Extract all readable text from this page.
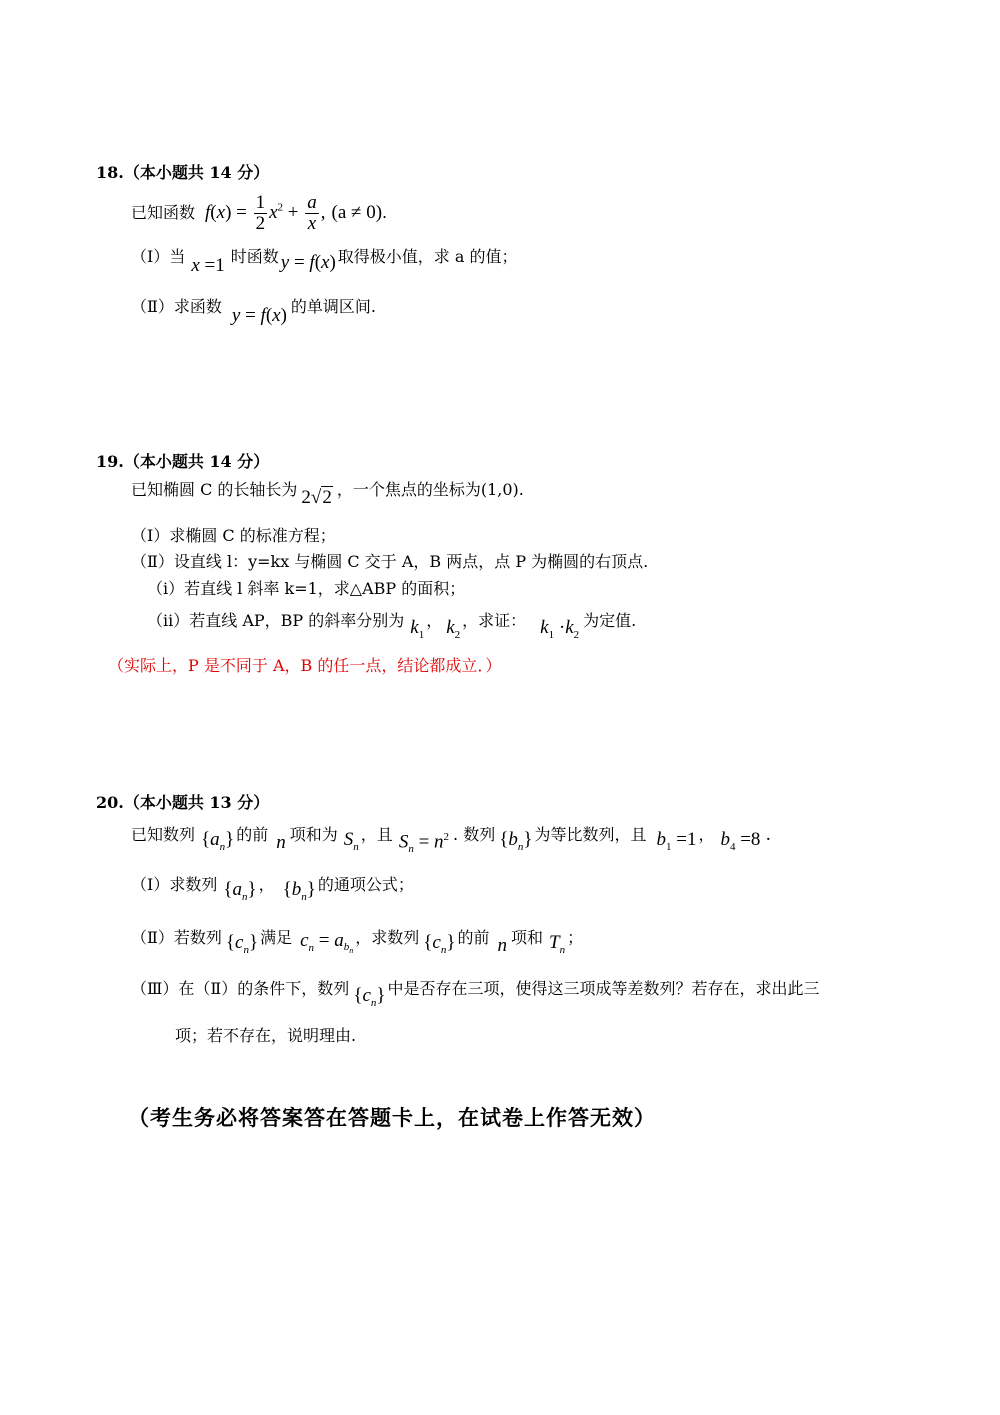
18.（本小题共 14 分）
已知函数 $f(x) = \frac{1}{2} x^2 + \frac{a}{x}$ , (a ≠ 0) .
（Ⅰ）当 x =1 时函数 y = f(x) 取得极小值，求 a 的值；
（Ⅱ）求函数 y = f(x) 的单调区间.
19.（本小题共 14 分）
已知椭圆 C 的长轴长为 2√2 ，一个焦点的坐标为(1,0).
（Ⅰ）求椭圆 C 的标准方程；
（Ⅱ）设直线 l：y=kx 与椭圆 C 交于 A，B 两点，点 P 为椭圆的右顶点.
（ⅰ）若直线 l 斜率 k=1，求△ABP 的面积；
（ⅱ）若直线 AP，BP 的斜率分别为 $k_1$
， $k_2$
，求证： $k_1 \cdot k_2$
为定值.
（实际上，P 是不同于 A，B 的任一点，结论都成立．）
20.（本小题共 13 分）
已知数列 $\{a_n\}$ 的前 n 项和为 $S_n$
，且 $S_n = n^2$ . 数列 $\{b_n\}$ 为等比数列，且 $b_1 =1$ ， $b_4 =8$ ·
（Ⅰ）求数列 $\{a_n\}$ ， $\{b_n\}$ 的通项公式；
（Ⅱ）若数列 $\{c_n\}$ 满足 $c_n = a_{b_n}$
，求数列 $\{c_n\}$ 的前 n 项和 $T_n$
；
（Ⅲ）在（Ⅱ）的条件下，数列 $\{c_n\}$ 中是否存在三项，使得这三项成等差数列？若存在，求出此三
项；若不存在，说明理由.
（考生务必将答案答在答题卡上，在试卷上作答无效）
